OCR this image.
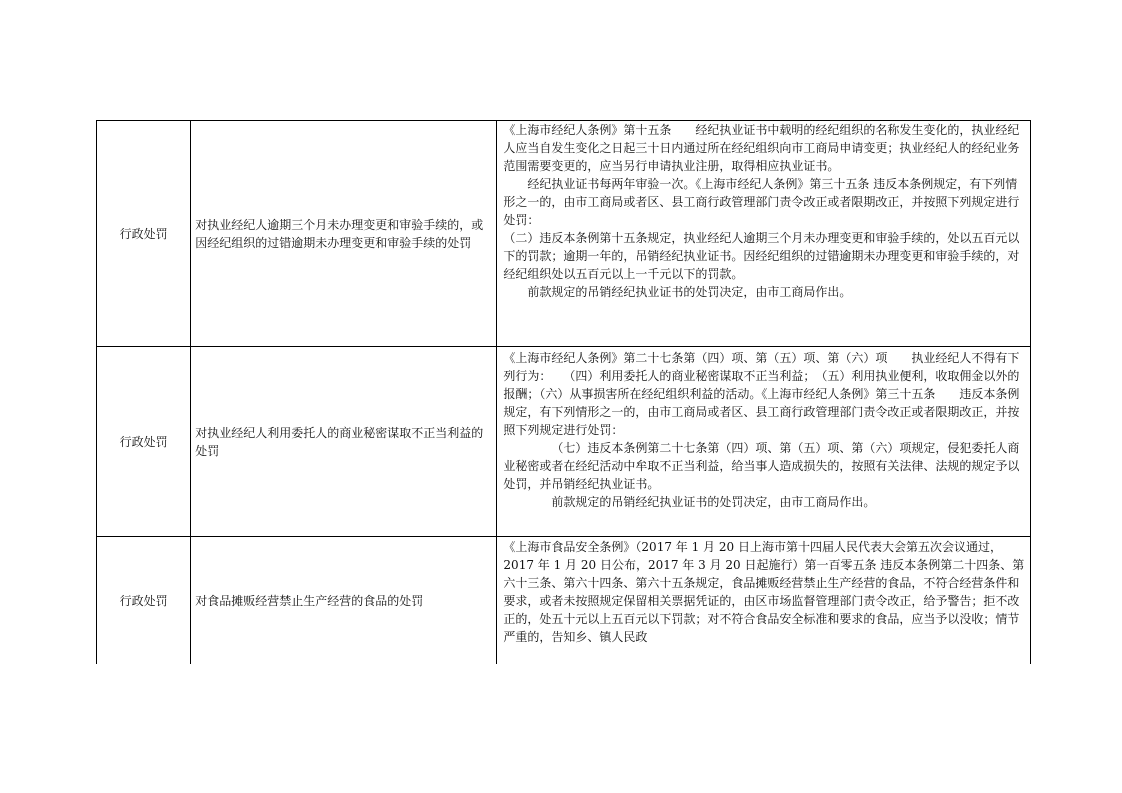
行政处罚	对执业经纪人逾期三个月未办理变更和审验手续的，或因经纪组织的过错逾期未办理变更和审验手续的处罚	《上海市经纪人条例》第十五条　　经纪执业证书中载明的经纪组织的名称发生变化的，执业经纪人应当自发生变化之日起三十日内通过所在经纪组织向市工商局申请变更；执业经纪人的经纪业务范围需要变更的，应当另行申请执业注册，取得相应执业证书。
经纪执业证书每两年审验一次。《上海市经纪人条例》第三十五条 违反本条例规定，有下列情形之一的，由市工商局或者区、县工商行政管理部门责令改正或者限期改正，并按照下列规定进行处罚：
（二）违反本条例第十五条规定，执业经纪人逾期三个月未办理变更和审验手续的，处以五百元以下的罚款；逾期一年的，吊销经纪执业证书。因经纪组织的过错逾期未办理变更和审验手续的，对经纪组织处以五百元以上一千元以下的罚款。
前款规定的吊销经纪执业证书的处罚决定，由市工商局作出。

行政处罚	对执业经纪人利用委托人的商业秘密谋取不正当利益的处罚	《上海市经纪人条例》第二十七条第（四）项、第（五）项、第（六）项　　执业经纪人不得有下列行为：　　（四）利用委托人的商业秘密谋取不正当利益；　（五）利用执业便利，收取佣金以外的报酬；（六）从事损害所在经纪组织利益的活动。《上海市经纪人条例》第三十五条　　违反本条例规定，有下列情形之一的，由市工商局或者区、县工商行政管理部门责令改正或者限期改正，并按照下列规定进行处罚：
（七）违反本条例第二十七条第（四）项、第（五）项、第（六）项规定，侵犯委托人商业秘密或者在经纪活动中牟取不正当利益，给当事人造成损失的，按照有关法律、法规的规定予以处罚，并吊销经纪执业证书。
前款规定的吊销经纪执业证书的处罚决定，由市工商局作出。

行政处罚	对食品摊贩经营禁止生产经营的食品的处罚	《上海市食品安全条例》（2017 年 1 月 20 日上海市第十四届人民代表大会第五次会议通过，2017 年 1 月 20 日公布，2017 年 3 月 20 日起施行）第一百零五条 违反本条例第二十四条、第六十三条、第六十四条、第六十五条规定，食品摊贩经营禁止生产经营的食品，不符合经营条件和要求，或者未按照规定保留相关票据凭证的，由区市场监督管理部门责令改正，给予警告；拒不改正的，处五十元以上五百元以下罚款；对不符合食品安全标准和要求的食品，应当予以没收；情节严重的，告知乡、镇人民政
